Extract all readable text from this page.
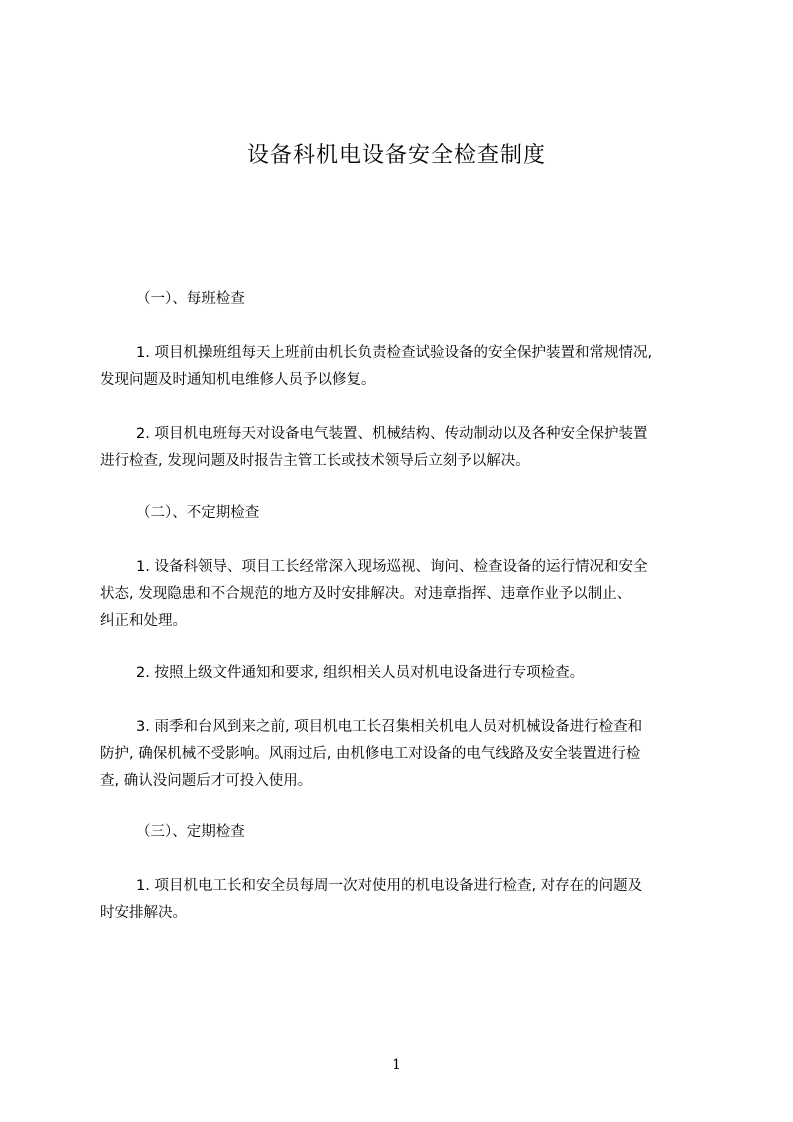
设备科机电设备安全检查制度
（一）、每班检查
1. 项目机操班组每天上班前由机长负责检查试验设备的安全保护装置和常规情况,
发现问题及时通知机电维修人员予以修复。
2. 项目机电班每天对设备电气装置、机械结构、传动制动以及各种安全保护装置
进行检查, 发现问题及时报告主管工长或技术领导后立刻予以解决。
（二）、不定期检查
1. 设备科领导、项目工长经常深入现场巡视、询问、检查设备的运行情况和安全
状态, 发现隐患和不合规范的地方及时安排解决。对违章指挥、违章作业予以制止、
纠正和处理。
2. 按照上级文件通知和要求, 组织相关人员对机电设备进行专项检查。
3. 雨季和台风到来之前, 项目机电工长召集相关机电人员对机械设备进行检查和
防护, 确保机械不受影响。风雨过后, 由机修电工对设备的电气线路及安全装置进行检
查, 确认没问题后才可投入使用。
（三）、定期检查
1. 项目机电工长和安全员每周一次对使用的机电设备进行检查, 对存在的问题及
时安排解决。
1
